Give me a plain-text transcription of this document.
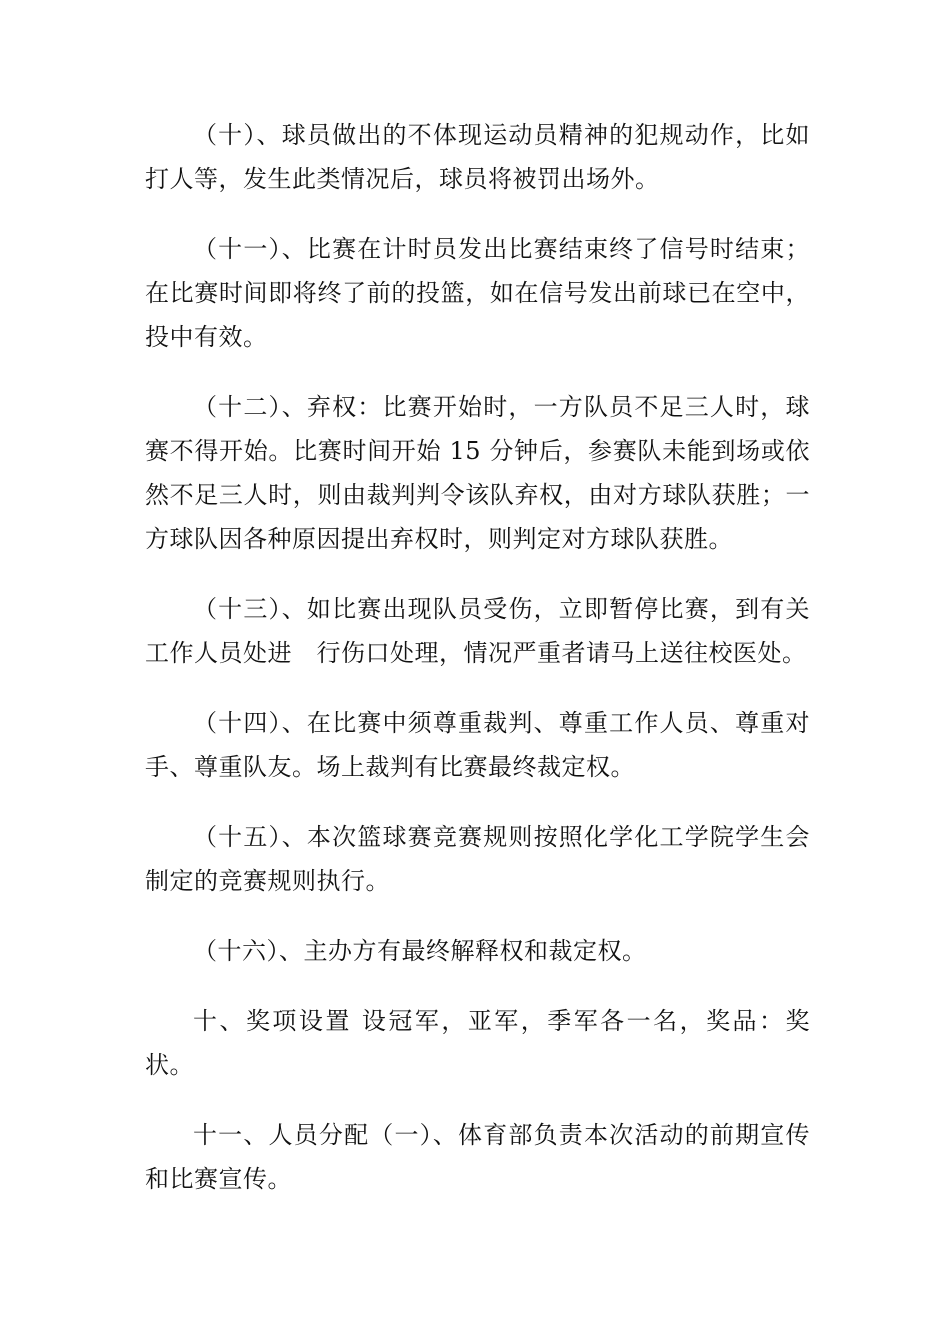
（十）、球员做出的不体现运动员精神的犯规动作，比如打人等，发生此类情况后，球员将被罚出场外。

（十一）、比赛在计时员发出比赛结束终了信号时结束；在比赛时间即将终了前的投篮，如在信号发出前球已在空中，投中有效。

（十二）、弃权：比赛开始时，一方队员不足三人时，球赛不得开始。比赛时间开始 15 分钟后，参赛队未能到场或依然不足三人时，则由裁判判令该队弃权，由对方球队获胜；一方球队因各种原因提出弃权时，则判定对方球队获胜。

（十三）、如比赛出现队员受伤，立即暂停比赛，到有关工作人员处进　行伤口处理，情况严重者请马上送往校医处。

（十四）、在比赛中须尊重裁判、尊重工作人员、尊重对手、尊重队友。场上裁判有比赛最终裁定权。

（十五）、本次篮球赛竞赛规则按照化学化工学院学生会制定的竞赛规则执行。

（十六）、主办方有最终解释权和裁定权。

十、奖项设置 设冠军，亚军，季军各一名，奖品：奖状。

十一、人员分配（一）、体育部负责本次活动的前期宣传和比赛宣传。
